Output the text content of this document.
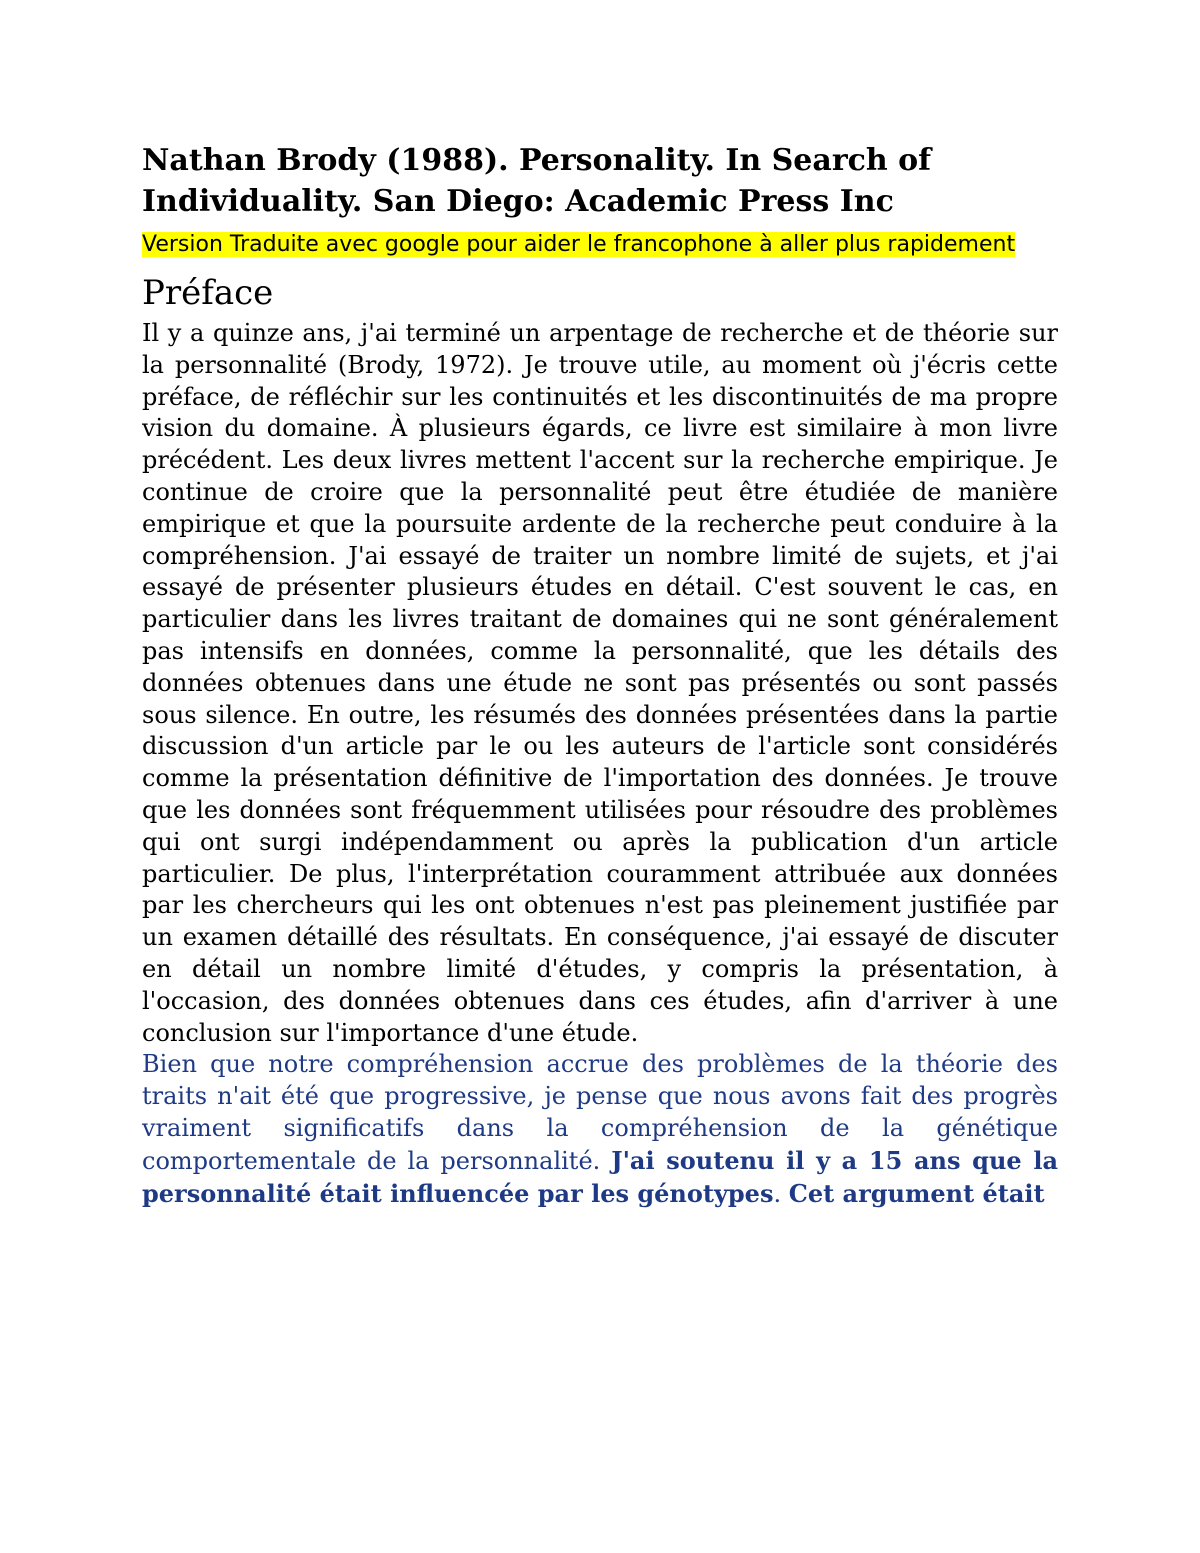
Nathan Brody (1988). Personality. In Search of Individuality. San Diego: Academic Press Inc
Version Traduite avec google pour aider le francophone à aller plus rapidement
Préface

Il y a quinze ans, j'ai terminé un arpentage de recherche et de théorie sur la personnalité (Brody, 1972). Je trouve utile, au moment où j'écris cette préface, de réfléchir sur les continuités et les discontinuités de ma propre vision du domaine. À plusieurs égards, ce livre est similaire à mon livre précédent. Les deux livres mettent l'accent sur la recherche empirique. Je continue de croire que la personnalité peut être étudiée de manière empirique et que la poursuite ardente de la recherche peut conduire à la compréhension. J'ai essayé de traiter un nombre limité de sujets, et j'ai essayé de présenter plusieurs études en détail. C'est souvent le cas, en particulier dans les livres traitant de domaines qui ne sont généralement pas intensifs en données, comme la personnalité, que les détails des données obtenues dans une étude ne sont pas présentés ou sont passés sous silence. En outre, les résumés des données présentées dans la partie discussion d'un article par le ou les auteurs de l'article sont considérés comme la présentation définitive de l'importation des données. Je trouve que les données sont fréquemment utilisées pour résoudre des problèmes qui ont surgi indépendamment ou après la publication d'un article particulier. De plus, l'interprétation couramment attribuée aux données par les chercheurs qui les ont obtenues n'est pas pleinement justifiée par un examen détaillé des résultats. En conséquence, j'ai essayé de discuter en détail un nombre limité d'études, y compris la présentation, à l'occasion, des données obtenues dans ces études, afin d'arriver à une conclusion sur l'importance d'une étude.

Bien que notre compréhension accrue des problèmes de la théorie des traits n'ait été que progressive, je pense que nous avons fait des progrès vraiment significatifs dans la compréhension de la génétique comportementale de la personnalité. J'ai soutenu il y a 15 ans que la personnalité était influencée par les génotypes. Cet argument était
